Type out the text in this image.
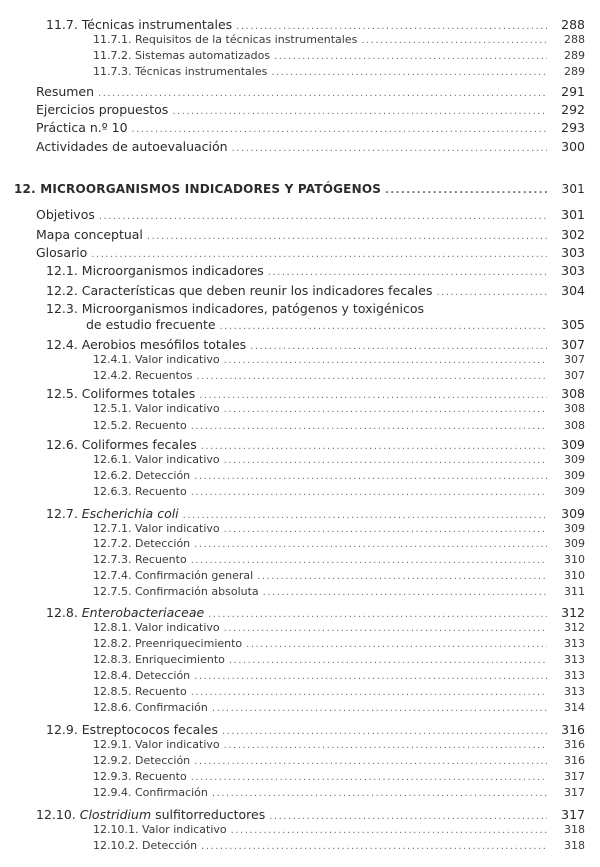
11.7. Técnicas instrumentales .....	288
11.7.1. Requisitos de la técnicas instrumentales .....	288
11.7.2. Sistemas automatizados .....	289
11.7.3. Técnicas instrumentales .....	289
Resumen .....	291
Ejercicios propuestos .....	292
Práctica n.º 10 .....	293
Actividades de autoevaluación .....	300
12. MICROORGANISMOS INDICADORES Y PATÓGENOS .....	301
Objetivos .....	301
Mapa conceptual .....	302
Glosario .....	303
12.1. Microorganismos indicadores .....	303
12.2. Características que deben reunir los indicadores fecales .....	304
12.3. Microorganismos indicadores, patógenos y toxigénicos
de estudio frecuente .....	305
12.4. Aerobios mesófilos totales .....	307
12.4.1. Valor indicativo .....	307
12.4.2. Recuentos .....	307
12.5. Coliformes totales .....	308
12.5.1. Valor indicativo .....	308
12.5.2. Recuento .....	308
12.6. Coliformes fecales .....	309
12.6.1. Valor indicativo .....	309
12.6.2. Detección .....	309
12.6.3. Recuento .....	309
12.7. Escherichia coli .....	309
12.7.1. Valor indicativo .....	309
12.7.2. Detección .....	309
12.7.3. Recuento .....	310
12.7.4. Confirmación general .....	310
12.7.5. Confirmación absoluta .....	311
12.8. Enterobacteriaceae .....	312
12.8.1. Valor indicativo .....	312
12.8.2. Preenriquecimiento .....	313
12.8.3. Enriquecimiento .....	313
12.8.4. Detección .....	313
12.8.5. Recuento .....	313
12.8.6. Confirmación .....	314
12.9. Estreptococos fecales .....	316
12.9.1. Valor indicativo .....	316
12.9.2. Detección .....	316
12.9.3. Recuento .....	317
12.9.4. Confirmación .....	317
12.10. Clostridium sulfitorreductores .....	317
12.10.1. Valor indicativo .....	318
12.10.2. Detección .....	318
